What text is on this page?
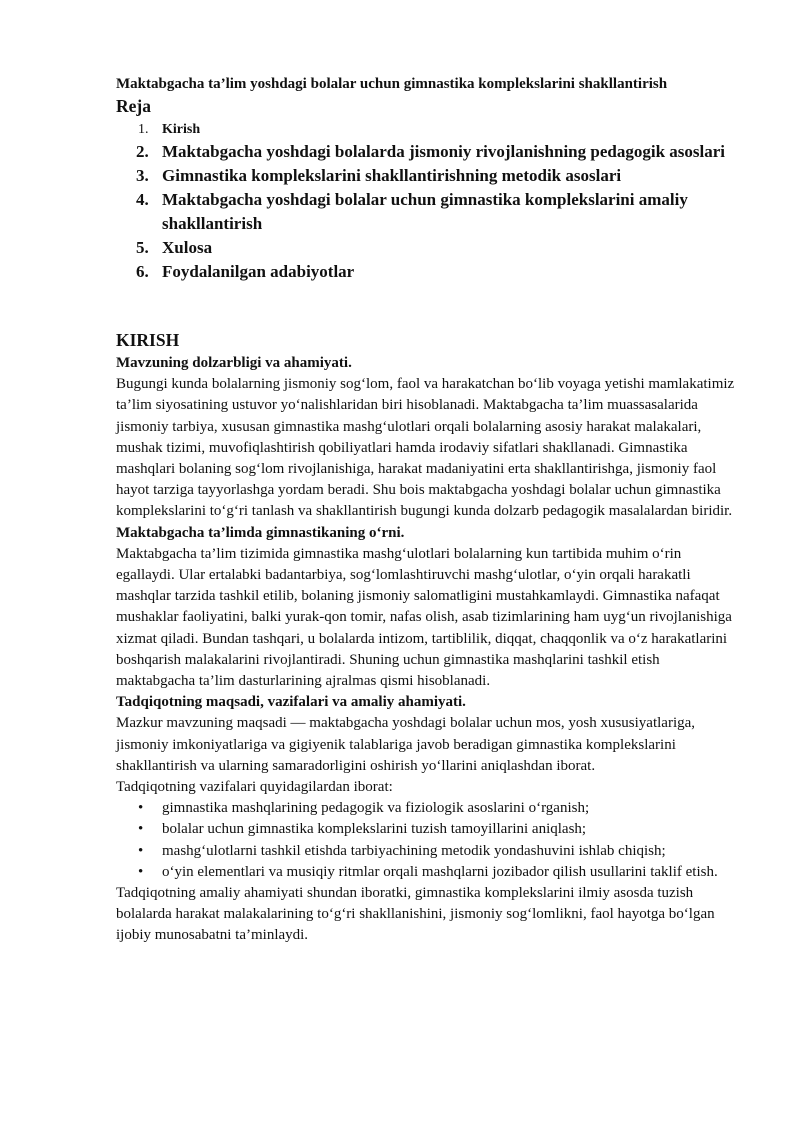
Maktabgacha ta’lim yoshdagi bolalar uchun gimnastika komplekslarini shakllantirish
Reja
1. Kirish
2. Maktabgacha yoshdagi bolalarda jismoniy rivojlanishning pedagogik asoslari
3. Gimnastika komplekslarini shakllantirishning metodik asoslari
4. Maktabgacha yoshdagi bolalar uchun gimnastika komplekslarini amaliy shakllantirish
5. Xulosa
6. Foydalanilgan adabiyotlar
KIRISH
Mavzuning dolzarbligi va ahamiyati.

Bugungi kunda bolalarning jismoniy sog‘lom, faol va harakatchan bo‘lib voyaga yetishi mamlakatimiz ta’lim siyosatining ustuvor yo‘nalishlaridan biri hisoblanadi. Maktabgacha ta’lim muassasalarida jismoniy tarbiya, xususan gimnastika mashg‘ulotlari orqali bolalarning asosiy harakat malakalari, mushak tizimi, muvofiqlashtirish qobiliyatlari hamda irodaviy sifatlari shakllanadi. Gimnastika mashqlari bolaning sog‘lom rivojlanishiga, harakat madaniyatini erta shakllantirishga, jismoniy faol hayot tarziga tayyorlashga yordam beradi. Shu bois maktabgacha yoshdagi bolalar uchun gimnastika komplekslarini to‘g‘ri tanlash va shakllantirish bugungi kunda dolzarb pedagogik masalalardan biridir.

Maktabgacha ta’limda gimnastikaning o‘rni.

Maktabgacha ta’lim tizimida gimnastika mashg‘ulotlari bolalarning kun tartibida muhim o‘rin egallaydi. Ular ertalabki badantarbiya, sog‘lomlashtiruvchi mashg‘ulotlar, o‘yin orqali harakatli mashqlar tarzida tashkil etilib, bolaning jismoniy salomatligini mustahkamlaydi. Gimnastika nafaqat mushaklar faoliyatini, balki yurak-qon tomir, nafas olish, asab tizimlarining ham uyg‘un rivojlanishiga xizmat qiladi. Bundan tashqari, u bolalarda intizom, tartiblilik, diqqat, chaqqonlik va o‘z harakatlarini boshqarish malakalarini rivojlantiradi. Shuning uchun gimnastika mashqlarini tashkil etish maktabgacha ta’lim dasturlarining ajralmas qismi hisoblanadi.

Tadqiqotning maqsadi, vazifalari va amaliy ahamiyati.

Mazkur mavzuning maqsadi — maktabgacha yoshdagi bolalar uchun mos, yosh xususiyatlariga, jismoniy imkoniyatlariga va gigiyenik talablariga javob beradigan gimnastika komplekslarini shakllantirish va ularning samaradorligini oshirish yo‘llarini aniqlashdan iborat.

Tadqiqotning vazifalari quyidagilardan iborat:

• gimnastika mashqlarining pedagogik va fiziologik asoslarini o‘rganish;
• bolalar uchun gimnastika komplekslarini tuzish tamoyillarini aniqlash;
• mashg‘ulotlarni tashkil etishda tarbiyachining metodik yondashuvini ishlab chiqish;
• o‘yin elementlari va musiqiy ritmlar orqali mashqlarni jozibador qilish usullarini taklif etish.

Tadqiqotning amaliy ahamiyati shundan iboratki, gimnastika komplekslarini ilmiy asosda tuzish bolalarda harakat malakalarining to‘g‘ri shakllanishini, jismoniy sog‘lomlikni, faol hayotga bo‘lgan ijobiy munosabatni ta’minlaydi.
